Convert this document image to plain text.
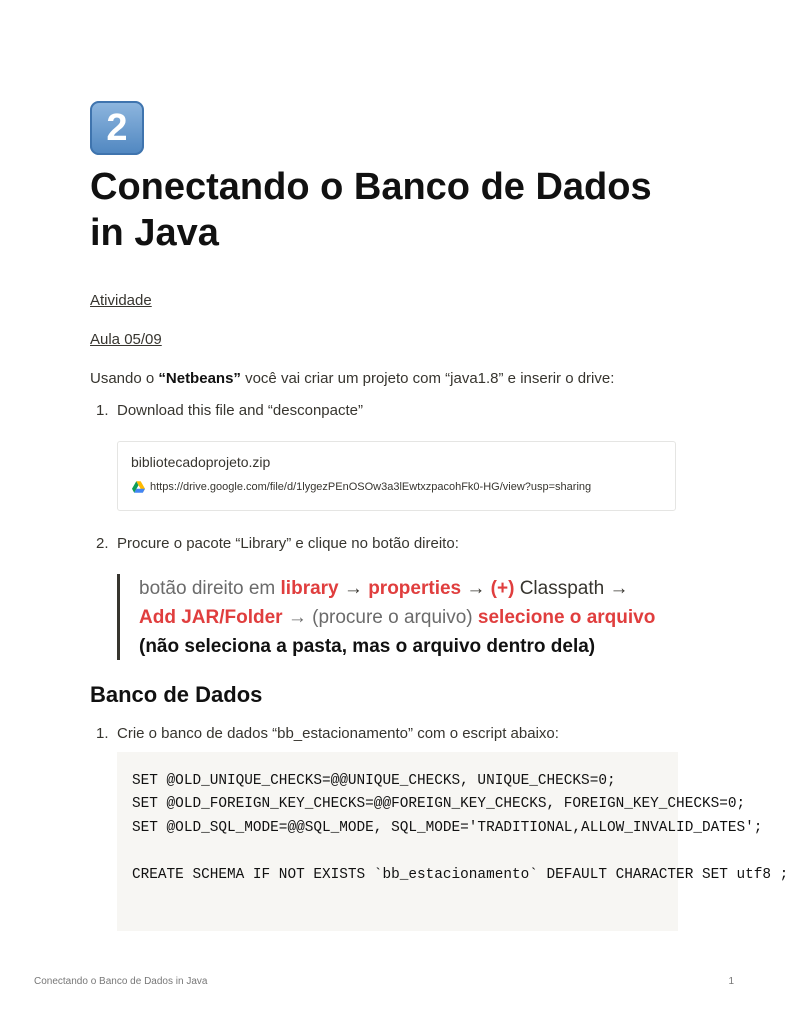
2
Conectando o Banco de Dados in Java
Atividade
Aula 05/09
Usando o “Netbeans” você vai criar um projeto com “java1.8” e inserir o drive:
1. Download this file and “desconpacte”
bibliotecadoprojeto.zip
https://drive.google.com/file/d/1lygezPEnOSOw3a3lEwtxzpacohFk0-HG/view?usp=sharing
2. Procure o pacote “Library” e clique no botão direito:
botão direito em library → properties → (+) Classpath →
Add JAR/Folder → (procure o arquivo) selecione o arquivo
(não seleciona a pasta, mas o arquivo dentro dela)
Banco de Dados
1. Crie o banco de dados “bb_estacionamento” com o escript abaixo:
SET @OLD_UNIQUE_CHECKS=@@UNIQUE_CHECKS, UNIQUE_CHECKS=0;
SET @OLD_FOREIGN_KEY_CHECKS=@@FOREIGN_KEY_CHECKS, FOREIGN_KEY_CHECKS=0;
SET @OLD_SQL_MODE=@@SQL_MODE, SQL_MODE='TRADITIONAL,ALLOW_INVALID_DATES';

CREATE SCHEMA IF NOT EXISTS `bb_estacionamento` DEFAULT CHARACTER SET utf8 ;
Conectando o Banco de Dados in Java	1
